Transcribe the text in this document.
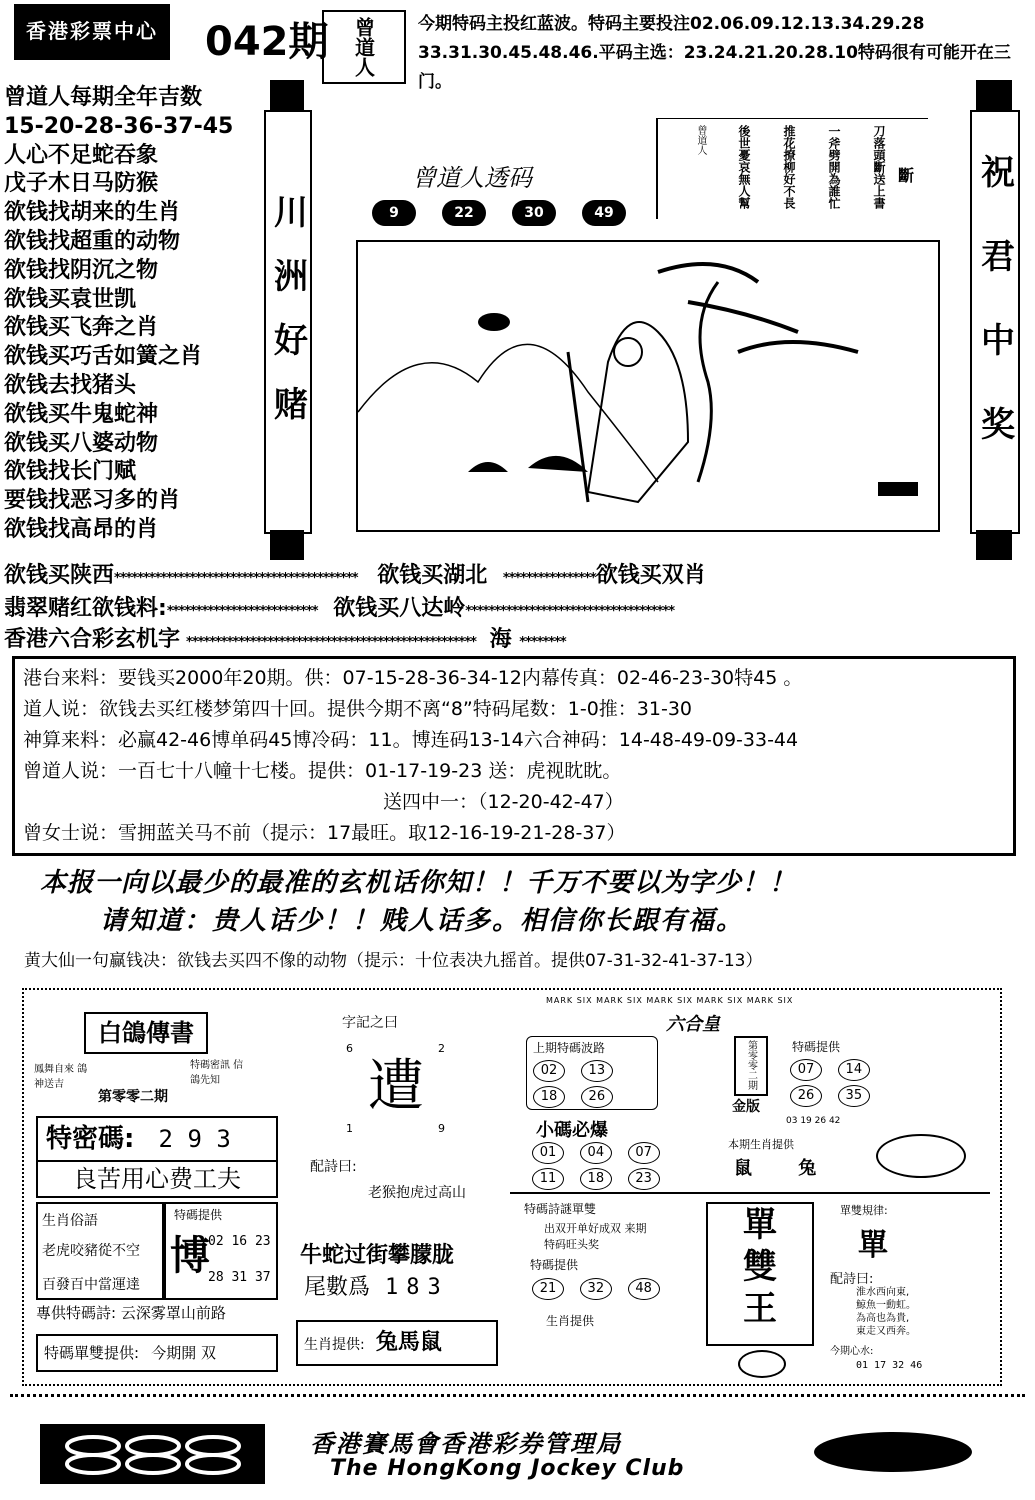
香港彩票中心 042期 曾道人	今期特码主投红蓝波。特码主要投注02.06.09.12.13.34.29.28 33.31.30.45.48.46.平码主选：23.24.21.20.28.10特码很有可能开在三门。
曾道人每期全年吉数
15-20-28-36-37-45
人心不足蛇吞象
戊子木日马防猴
欲钱找胡来的生肖
欲钱找超重的动物
欲钱找阴沉之物
欲钱买袁世凯
欲钱买飞奔之肖
欲钱买巧舌如簧之肖
欲钱去找猪头
欲钱买牛鬼蛇神
欲钱买八婆动物
欲钱找长门赋
要钱找恶习多的肖
欲钱找高昂的肖
川洲好赌	祝君中奖
曾道人透码
9	22	30	49
斷
刀落頭斷送上書
一斧劈開為誰忙
推花撩柳好不長
後世憂哀無人幫
曾道人
欲钱买陕西****************************************** 欲钱买湖北 ****************欲钱买双肖
翡翠赌红欲钱料:************************** 欲钱买八达岭************************************
香港六合彩玄机字 ************************************************** 海 ********
港台来料：要钱买2000年20期。供：07-15-28-36-34-12内幕传真：02-46-23-30特45 。
道人说：欲钱去买红楼梦第四十回。提供今期不离“8”特码尾数：1-0推：31-30
神算来料：必赢42-46博单码45博冷码：11。博连码13-14六合神码：14-48-49-09-33-44
曾道人说：一百七十八幢十七楼。提供：01-17-19-23 送：虎视眈眈。
送四中一：（12-20-42-47）
曾女士说：雪拥蓝关马不前（提示：17最旺。取12-16-19-21-28-37）
本报一向以最少的最准的玄机话你知！！千万不要以为字少！！
请知道：贵人话少！！贱人话多。相信你长跟有福。
黄大仙一句赢钱决：欲钱去买四不像的动物（提示：十位表决九摇首。提供07-31-32-41-37-13）
白鴿傳書
鳳舞自來 鴿神送吉
特碼密訊 信鴿先知
第零零二期
特密碼: 2 9 3
良苦用心费工夫
生肖俗語
老虎咬豬從不空
百發百中當運達
特碼提供
博
02 16 23
28 31 37
專供特碼詩: 云深雾罩山前路
特碼單雙提供: 今期開 双
字記之曰
6	2
遭
1	9
配詩曰:
老猴抱虎过高山
牛蛇过街攀朦胧
尾數爲 183
生肖提供: 兔馬鼠
MARK SIX MARK SIX MARK SIX MARK SIX MARK SIX
六合皇
上期特碼波路
02 13
18 26
第零零二期
金版
特碼提供
07 14
26 35
03 19 26 42
小碼必爆
01 04 07
11 18 23
本期生肖提供
鼠 兔
特碼詩謎單雙
出双开单好成双 来期特码旺头奖
特碼提供
21 32 48
生肖提供
單
雙
王
單雙規律:
單
配詩曰:
淮水西向東,
鯨魚一動虹。
為高也為貴,
東走又西奔。
今期心水:
01 17 32 46
香港賽馬會香港彩券管理局
The HongKong Jockey Club
